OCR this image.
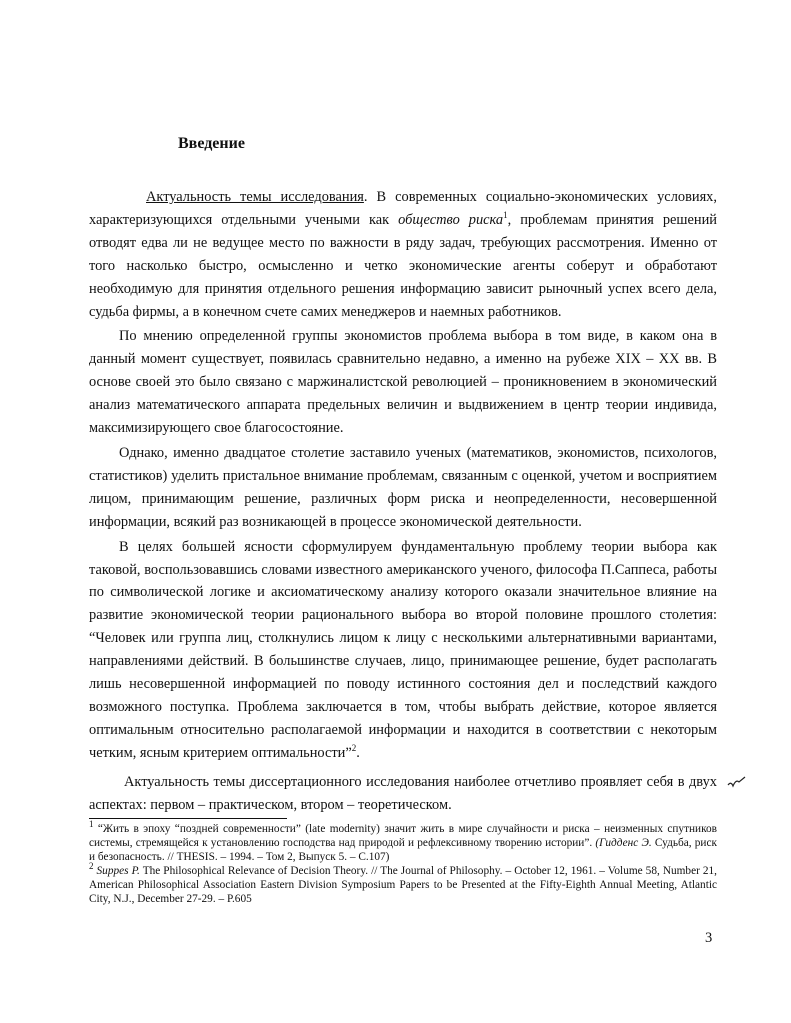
Введение

Актуальность темы исследования. В современных социально-экономических условиях, характеризующихся отдельными учеными как общество риска$^1$, проблемам принятия решений отводят едва ли не ведущее место по важности в ряду задач, требующих рассмотрения. Именно от того насколько быстро, осмысленно и четко экономические агенты соберут и обработают необходимую для принятия отдельного решения информацию зависит рыночный успех всего дела, судьба фирмы, а в конечном счете самих менеджеров и наемных работников.

По мнению определенной группы экономистов проблема выбора в том виде, в каком она в данный момент существует, появилась сравнительно недавно, а именно на рубеже XIX – XX вв. В основе своей это было связано с маржиналистской революцией – проникновением в экономический анализ математического аппарата предельных величин и выдвижением в центр теории индивида, максимизирующего свое благосостояние.

Однако, именно двадцатое столетие заставило ученых (математиков, экономистов, психологов, статистиков) уделить пристальное внимание проблемам, связанным с оценкой, учетом и восприятием лицом, принимающим решение, различных форм риска и неопределенности, несовершенной информации, всякий раз возникающей в процессе экономической деятельности.

В целях большей ясности сформулируем фундаментальную проблему теории выбора как таковой, воспользовавшись словами известного американского ученого, философа П.Саппеса, работы по символической логике и аксиоматическому анализу которого оказали значительное влияние на развитие экономической теории рационального выбора во второй половине прошлого столетия: “Человек или группа лиц, столкнулись лицом к лицу с несколькими альтернативными вариантами, направлениями действий. В большинстве случаев, лицо, принимающее решение, будет располагать лишь несовершенной информацией по поводу истинного состояния дел и последствий каждого возможного поступка. Проблема заключается в том, чтобы выбрать действие, которое является оптимальным относительно располагаемой информации и находится в соответствии с некоторым четким, ясным критерием оптимальности”$^2$.

Актуальность темы диссертационного исследования наиболее отчетливо проявляет себя в двух аспектах: первом – практическом, втором – теоретическом.

$^1$ “Жить в эпоху “поздней современности” (late modernity) значит жить в мире случайности и риска – неизменных спутников системы, стремящейся к установлению господства над природой и рефлексивному творению истории”. (Гидденс Э. Судьба, риск и безопасность. // THESIS. – 1994. – Том 2, Выпуск 5. – С.107)

$^2$ Suppes P. The Philosophical Relevance of Decision Theory. // The Journal of Philosophy. – October 12, 1961. – Volume 58, Number 21, American Philosophical Association Eastern Division Symposium Papers to be Presented at the Fifty-Eighth Annual Meeting, Atlantic City, N.J., December 27-29. – P.605

3
